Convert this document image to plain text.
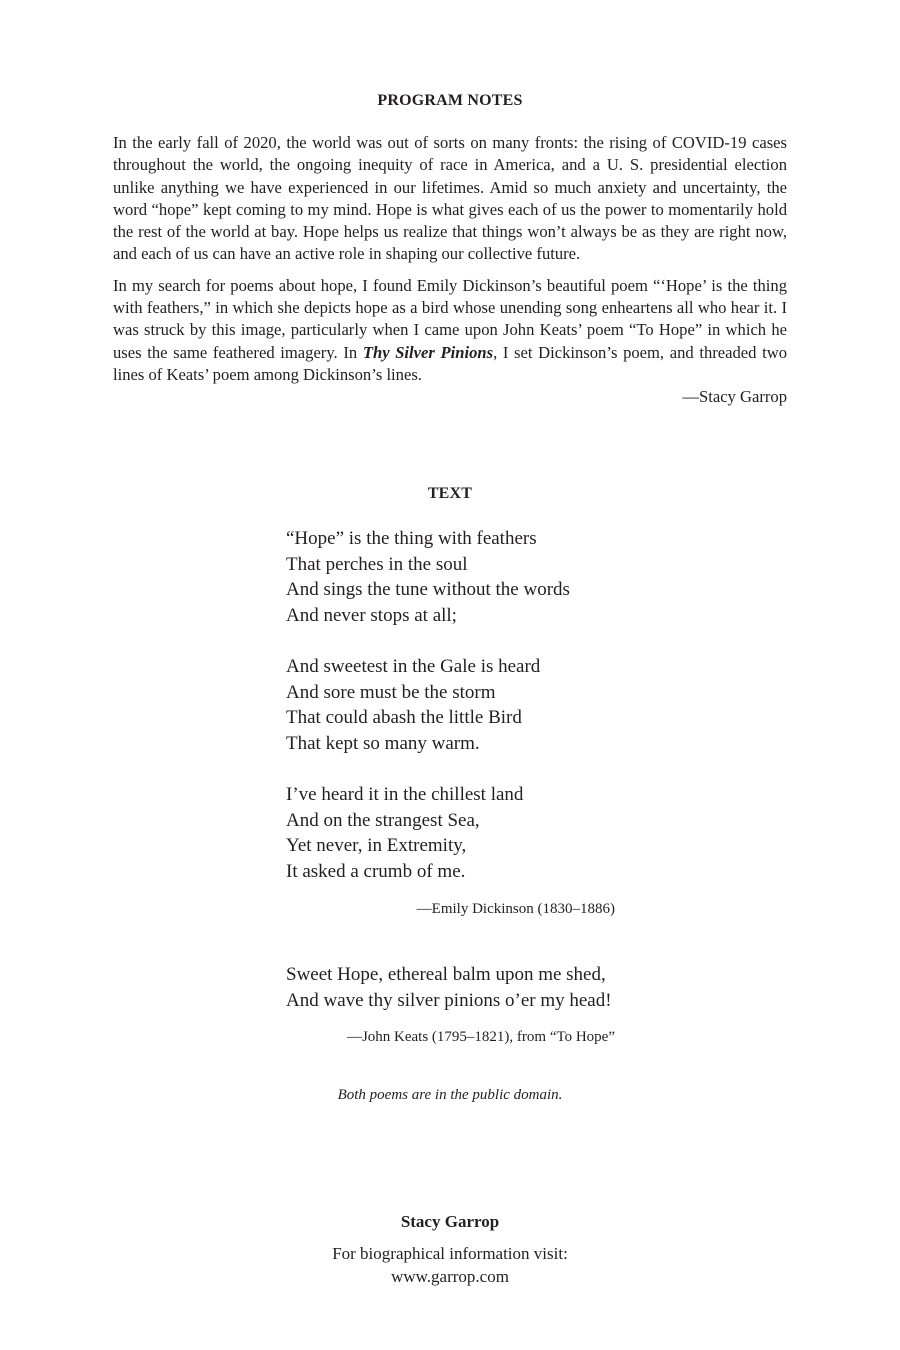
PROGRAM NOTES

In the early fall of 2020, the world was out of sorts on many fronts: the rising of COVID-19 cases throughout the world, the ongoing inequity of race in America, and a U. S. presidential election unlike anything we have experienced in our lifetimes. Amid so much anxiety and uncertainty, the word “hope” kept coming to my mind. Hope is what gives each of us the power to momentarily hold the rest of the world at bay. Hope helps us realize that things won’t always be as they are right now, and each of us can have an active role in shaping our collective future.

In my search for poems about hope, I found Emily Dickinson’s beautiful poem “‘Hope’ is the thing with feathers,” in which she depicts hope as a bird whose unending song enheartens all who hear it. I was struck by this image, particularly when I came upon John Keats’ poem “To Hope” in which he uses the same feathered imagery. In Thy Silver Pinions, I set Dickinson’s poem, and threaded two lines of Keats’ poem among Dickinson’s lines.

—Stacy Garrop

TEXT
“Hope” is the thing with feathers
That perches in the soul
And sings the tune without the words
And never stops at all;
And sweetest in the Gale is heard
And sore must be the storm
That could abash the little Bird
That kept so many warm.
I’ve heard it in the chillest land
And on the strangest Sea,
Yet never, in Extremity,
It asked a crumb of me.
—Emily Dickinson (1830–1886)
Sweet Hope, ethereal balm upon me shed,
And wave thy silver pinions o’er my head!
—John Keats (1795–1821), from “To Hope”
Both poems are in the public domain.
Stacy Garrop
For biographical information visit:
www.garrop.com
